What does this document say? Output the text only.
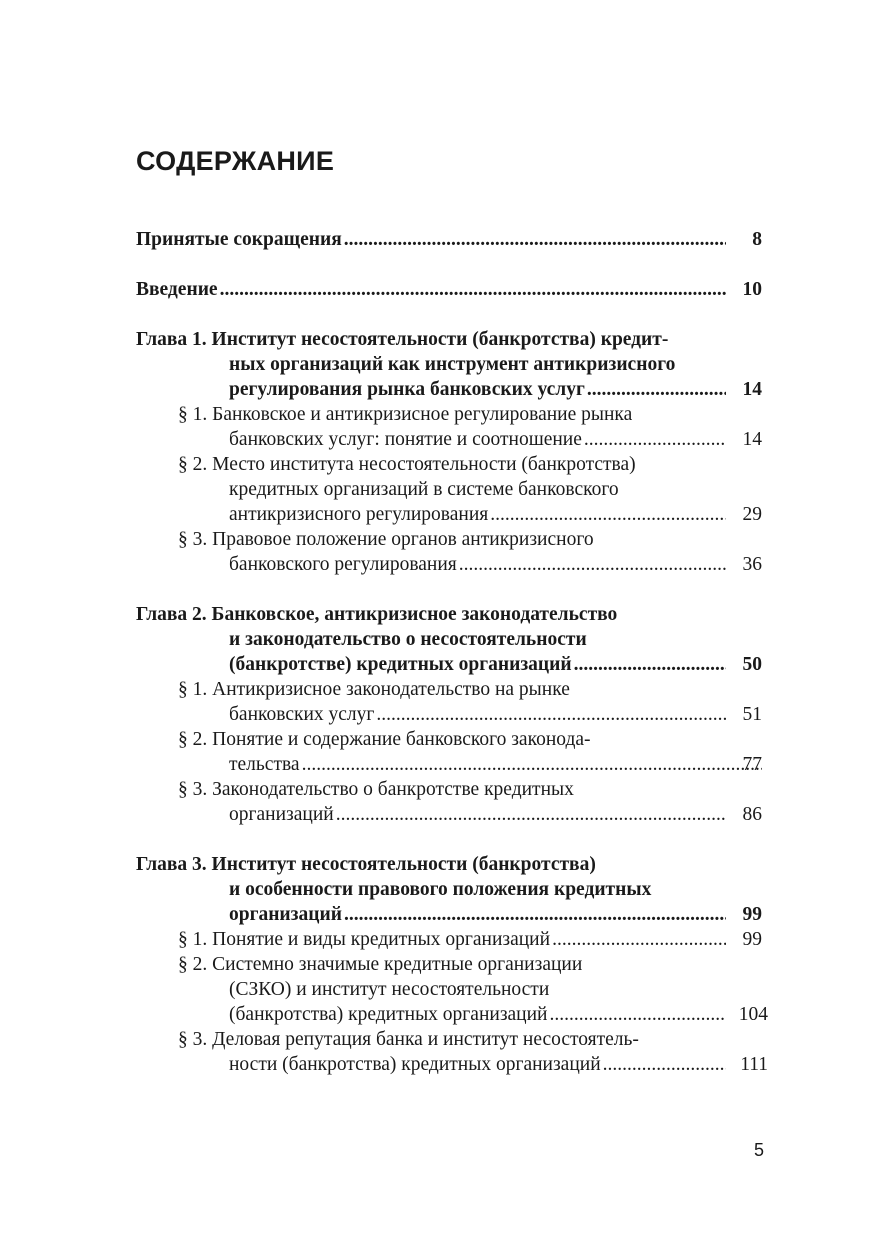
СОДЕРЖАНИЕ
Принятые сокращения .....	8
Введение .....	10
Глава 1. Институт несостоятельности (банкротства) кредит-
ных организаций как инструмент антикризисного
регулирования рынка банковских услуг .....	14
§ 1. Банковское и антикризисное регулирование рынка
банковских услуг: понятие и соотношение .....	14
§ 2. Место института несостоятельности (банкротства)
кредитных организаций в системе банковского
антикризисного регулирования .....	29
§ 3. Правовое положение органов антикризисного
банковского регулирования .....	36
Глава 2. Банковское, антикризисное законодательство
и законодательство о несостоятельности
(банкротстве) кредитных организаций .....	50
§ 1. Антикризисное законодательство на рынке
банковских услуг .....	51
§ 2. Понятие и содержание банковского законода-
тельства .....	77
§ 3. Законодательство о банкротстве кредитных
организаций .....	86
Глава 3. Институт несостоятельности (банкротства)
и особенности правового положения кредитных
организаций .....	99
§ 1. Понятие и виды кредитных организаций .....	99
§ 2. Системно значимые кредитные организации
(СЗКО) и институт несостоятельности
(банкротства) кредитных организаций .....	104
§ 3. Деловая репутация банка и институт несостоятель-
ности (банкротства) кредитных организаций .....	111
5
